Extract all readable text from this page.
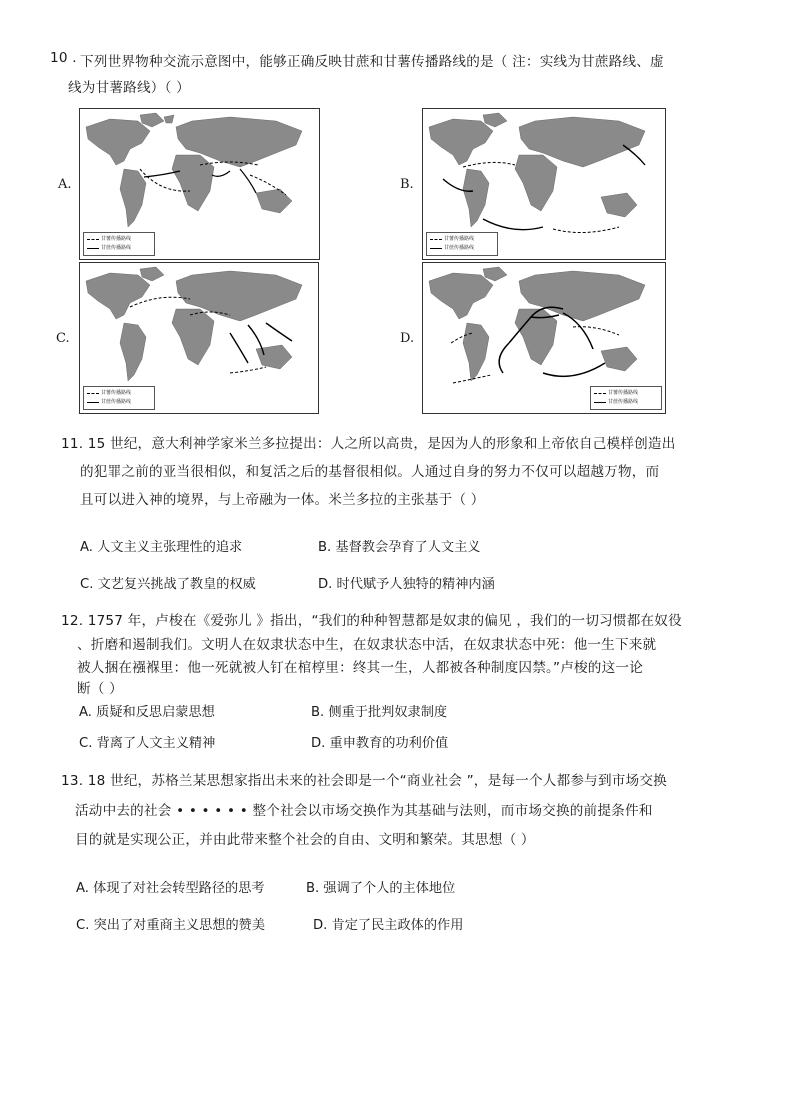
10 . 下列世界物种交流示意图中，能够正确反映甘蔗和甘薯传播路线的是（ 注：实线为甘蔗路线、虚
线为甘薯路线）（ ）
A.	B.
C.	D.
甘薯传播路线
甘蔗传播路线
甘薯传播路线
甘蔗传播路线
甘薯传播路线
甘蔗传播路线
甘薯传播路线
甘蔗传播路线
11. 15 世纪，意大利神学家米兰多拉提出：人之所以高贵，是因为人的形象和上帝依自己模样创造出
的犯罪之前的亚当很相似，和复活之后的基督很相似。人通过自身的努力不仅可以超越万物，而
且可以进入神的境界，与上帝融为一体。米兰多拉的主张基于（ ）
A. 人文主义主张理性的追求	B. 基督教会孕育了人文主义
C. 文艺复兴挑战了教皇的权威	D. 时代赋予人独特的精神内涵
12. 1757 年，卢梭在《爱弥儿 》指出，“我们的种种智慧都是奴隶的偏见 ，我们的一切习惯都在奴役
、折磨和遏制我们。文明人在奴隶状态中生，在奴隶状态中活，在奴隶状态中死：他一生下来就
被人捆在襁褓里：他一死就被人钉在棺椁里：终其一生，人都被各种制度囚禁。”卢梭的这一论
断（ ）
A. 质疑和反思启蒙思想	B. 侧重于批判奴隶制度
C. 背离了人文主义精神	D. 重申教育的功利价值
13. 18 世纪，苏格兰某思想家指出未来的社会即是一个“商业社会 ”，是每一个人都参与到市场交换
活动中去的社会 • • • • • • 整个社会以市场交换作为其基础与法则，而市场交换的前提条件和
目的就是实现公正，并由此带来整个社会的自由、文明和繁荣。其思想（ ）
A. 体现了对社会转型路径的思考	B. 强调了个人的主体地位
C. 突出了对重商主义思想的赞美	D. 肯定了民主政体的作用
